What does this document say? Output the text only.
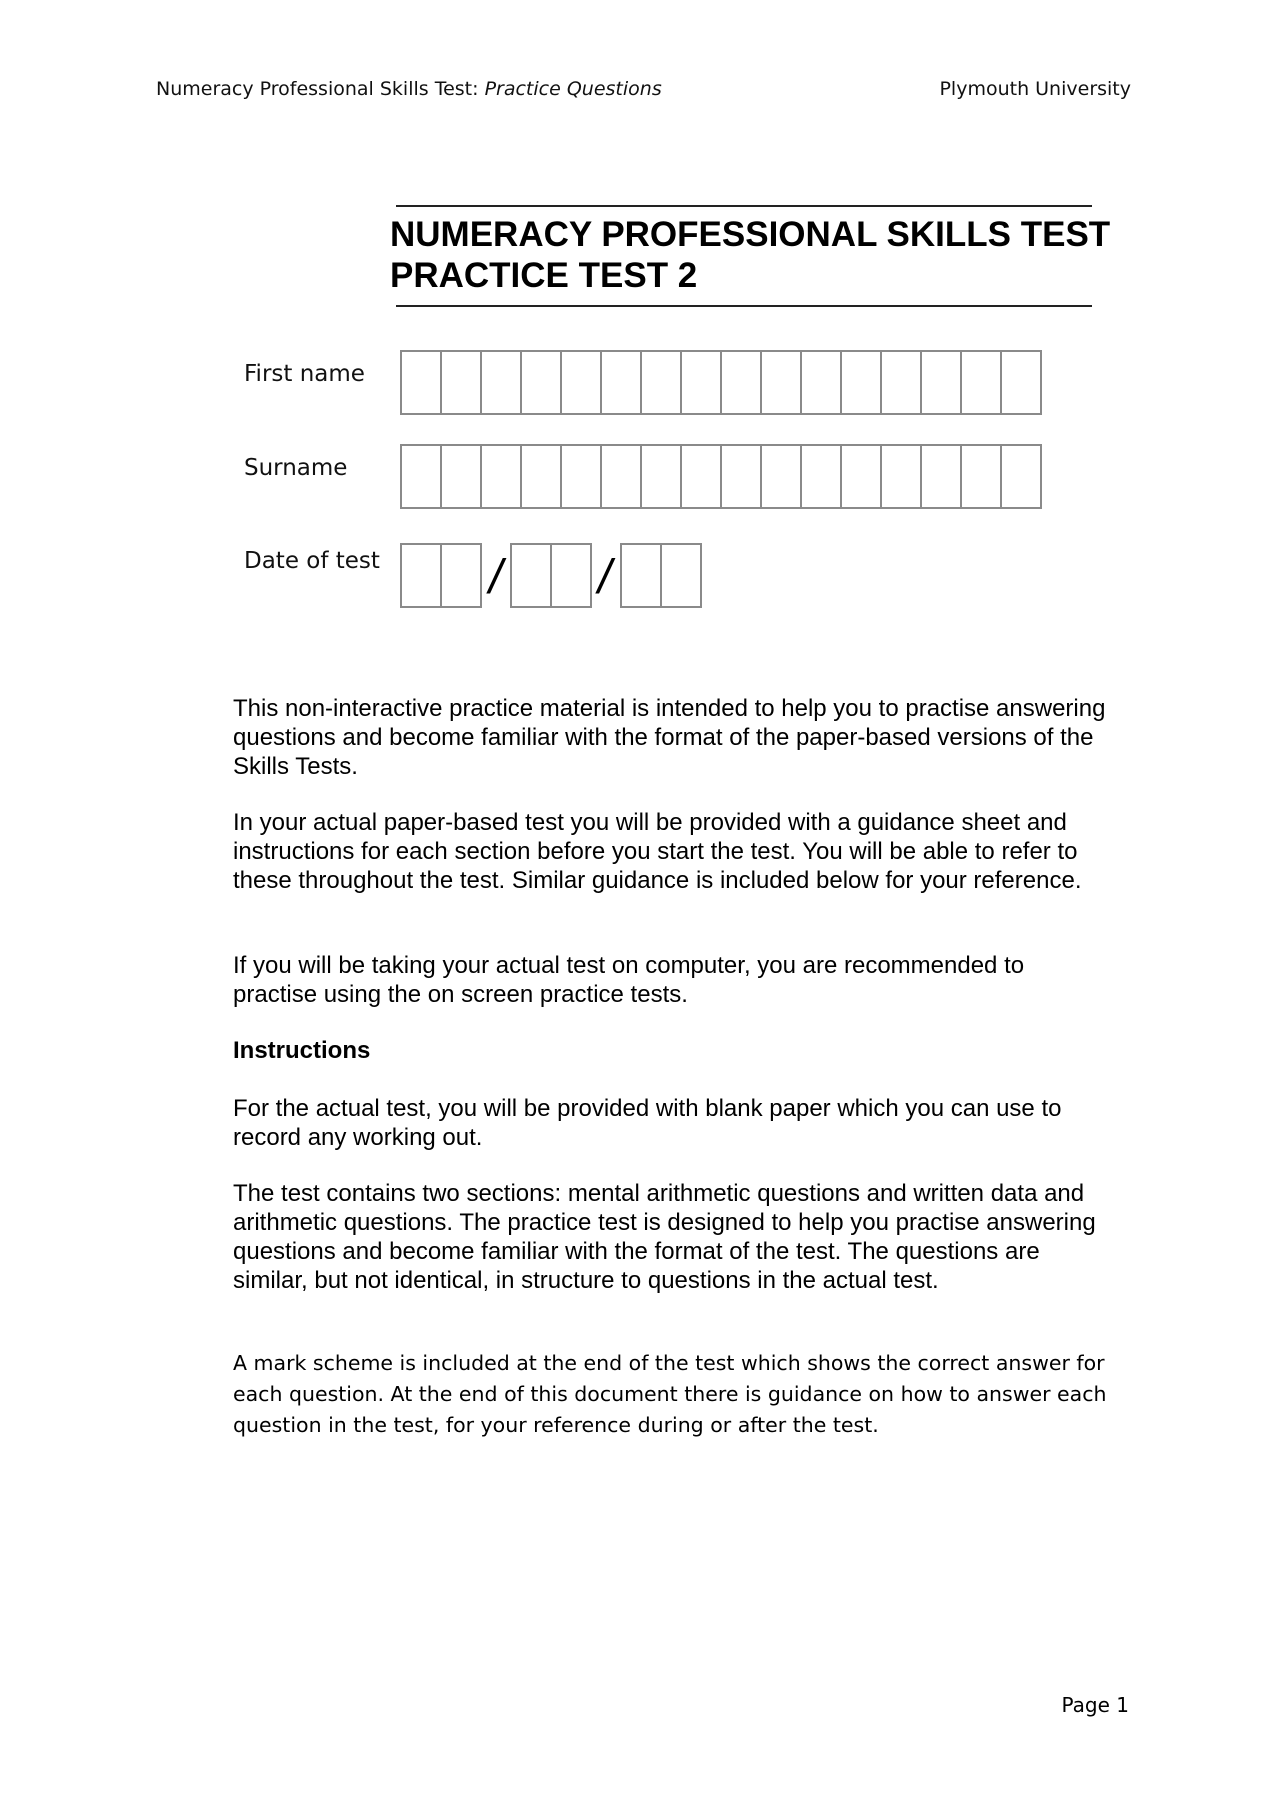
Numeracy Professional Skills Test: Practice Questions	Plymouth University
NUMERACY PROFESSIONAL SKILLS TEST
PRACTICE TEST 2
First name
Surname
Date of test / /

This non-interactive practice material is intended to help you to practise answering questions and become familiar with the format of the paper-based versions of the Skills Tests.

In your actual paper-based test you will be provided with a guidance sheet and instructions for each section before you start the test. You will be able to refer to these throughout the test. Similar guidance is included below for your reference.

If you will be taking your actual test on computer, you are recommended to practise using the on screen practice tests.

Instructions

For the actual test, you will be provided with blank paper which you can use to record any working out.

The test contains two sections: mental arithmetic questions and written data and arithmetic questions. The practice test is designed to help you practise answering questions and become familiar with the format of the test. The questions are similar, but not identical, in structure to questions in the actual test.

A mark scheme is included at the end of the test which shows the correct answer for each question. At the end of this document there is guidance on how to answer each question in the test, for your reference during or after the test.

Page 1
